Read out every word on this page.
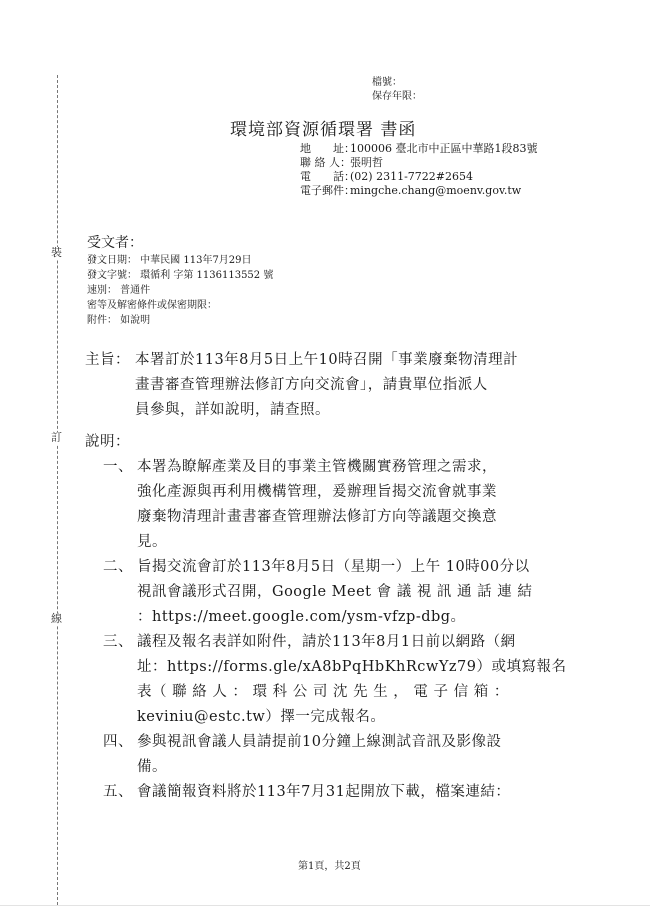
裝
訂
線
檔號：
保存年限：
環境部資源循環署 書函
地　　址：100006 臺北市中正區中華路1段83號
聯 絡 人：張明哲
電　　話：(02) 2311-7722#2654
電子郵件：mingche.chang@moenv.gov.tw
受文者：
發文日期： 中華民國 113年7月29日
發文字號： 環循利 字第 1136113552 號
速別： 普通件
密等及解密條件或保密期限：
附件： 如說明
主旨： 本署訂於113年8月5日上午10時召開「事業廢棄物清理計
畫書審查管理辦法修訂方向交流會」，請貴單位指派人
員參與，詳如說明，請查照。
說明：
一、 本署為瞭解產業及目的事業主管機關實務管理之需求，
強化產源與再利用機構管理，爰辦理旨揭交流會就事業
廢棄物清理計畫書審查管理辦法修訂方向等議題交換意
見。
二、 旨揭交流會訂於113年8月5日（星期一）上午 10時00分以
視訊會議形式召開，Google Meet 會 議 視 訊 通 話 連 結
：https://meet.google.com/ysm-vfzp-dbg。
三、 議程及報名表詳如附件，請於113年8月1日前以網路（網
址：https://forms.gle/xA8bPqHbKhRcwYz79）或填寫報名
表（ 聯 絡 人 ： 環 科 公 司 沈 先 生 ， 電 子 信 箱 ：
keviniu@estc.tw）擇一完成報名。
四、 參與視訊會議人員請提前10分鐘上線測試音訊及影像設
備。
五、 會議簡報資料將於113年7月31起開放下載，檔案連結：
第1頁，共2頁
